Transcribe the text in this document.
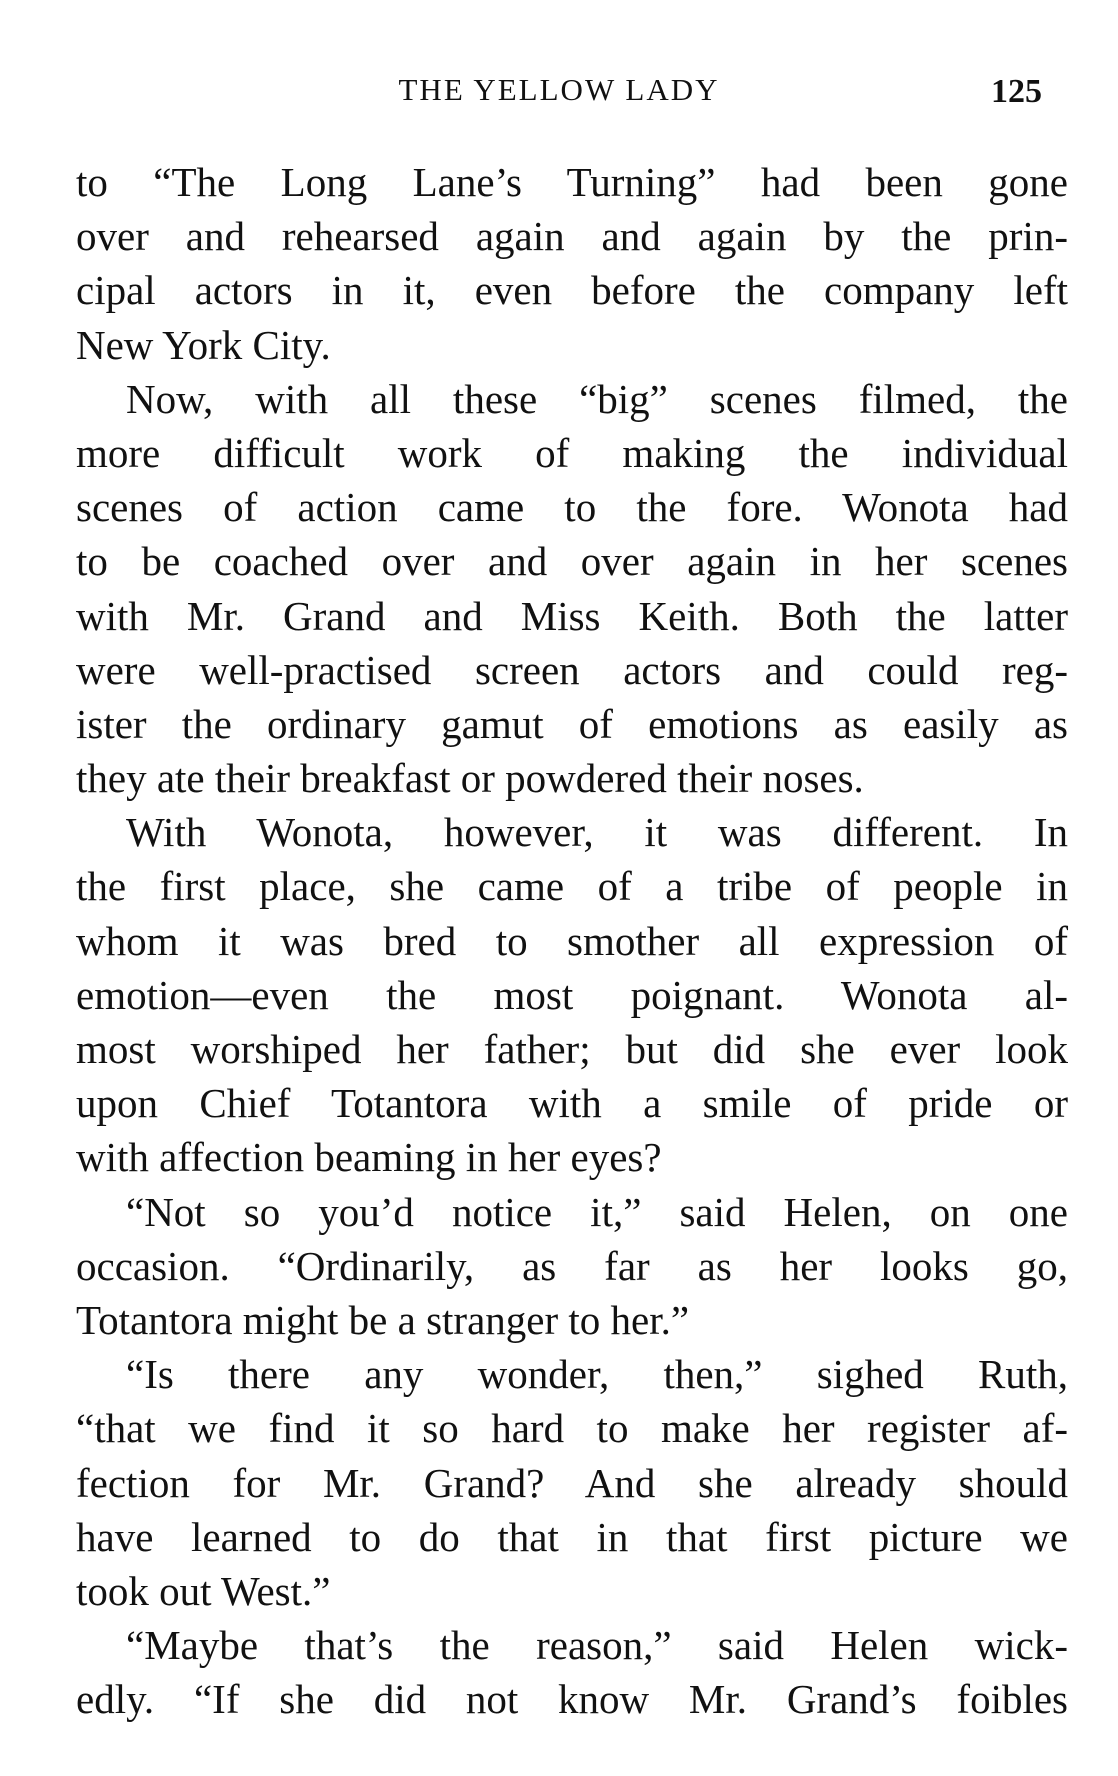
THE YELLOW LADY	125
to “The Long Lane’s Turning” had been gone
over and rehearsed again and again by the prin-
cipal actors in it, even before the company left
New York City.
Now, with all these “big” scenes filmed, the
more difficult work of making the individual
scenes of action came to the fore. Wonota had
to be coached over and over again in her scenes
with Mr. Grand and Miss Keith. Both the latter
were well-practised screen actors and could reg-
ister the ordinary gamut of emotions as easily as
they ate their breakfast or powdered their noses.
With Wonota, however, it was different. In
the first place, she came of a tribe of people in
whom it was bred to smother all expression of
emotion—even the most poignant. Wonota al-
most worshiped her father; but did she ever look
upon Chief Totantora with a smile of pride or
with affection beaming in her eyes?
“Not so you’d notice it,” said Helen, on one
occasion. “Ordinarily, as far as her looks go,
Totantora might be a stranger to her.”
“Is there any wonder, then,” sighed Ruth,
“that we find it so hard to make her register af-
fection for Mr. Grand? And she already should
have learned to do that in that first picture we
took out West.”
“Maybe that’s the reason,” said Helen wick-
edly. “If she did not know Mr. Grand’s foibles
